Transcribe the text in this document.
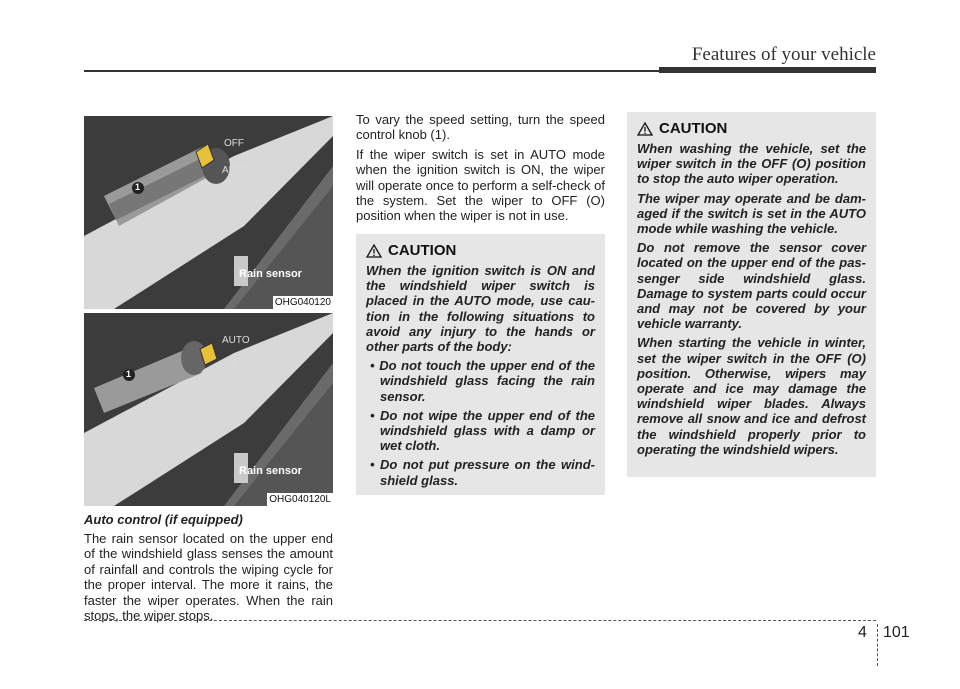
Features of your vehicle
OFF
AUTO
1
Rain sensor
OHG040120
AUTO
O
1
Rain sensor
OHG040120L
Auto control (if equipped)

The rain sensor located on the upper end of the windshield glass senses the amount of rainfall and controls the wiping cycle for the proper interval. The more it rains, the faster the wiper operates. When the rain stops, the wiper stops.

To vary the speed setting, turn the speed control knob (1).

If the wiper switch is set in AUTO mode when the ignition switch is ON, the wiper will operate once to perform a self-check of the system. Set the wiper to OFF (O) position when the wiper is not in use.

CAUTION

When the ignition switch is ON and the windshield wiper switch is placed in the AUTO mode, use cau-tion in the following situations to avoid any injury to the hands or other parts of the body:

• Do not touch the upper end of the windshield glass facing the rain sensor.
• Do not wipe the upper end of the windshield glass with a damp or wet cloth.
• Do not put pressure on the wind-shield glass.
CAUTION

When washing the vehicle, set the wiper switch in the OFF (O) position to stop the auto wiper operation.

The wiper may operate and be dam-aged if the switch is set in the AUTO mode while washing the vehicle.

Do not remove the sensor cover located on the upper end of the pas-senger side windshield glass. Damage to system parts could occur and may not be covered by your vehicle warranty.

When starting the vehicle in winter, set the wiper switch in the OFF (O) position. Otherwise, wipers may operate and ice may damage the windshield wiper blades. Always remove all snow and ice and defrost the windshield properly prior to operating the windshield wipers.

4 101
